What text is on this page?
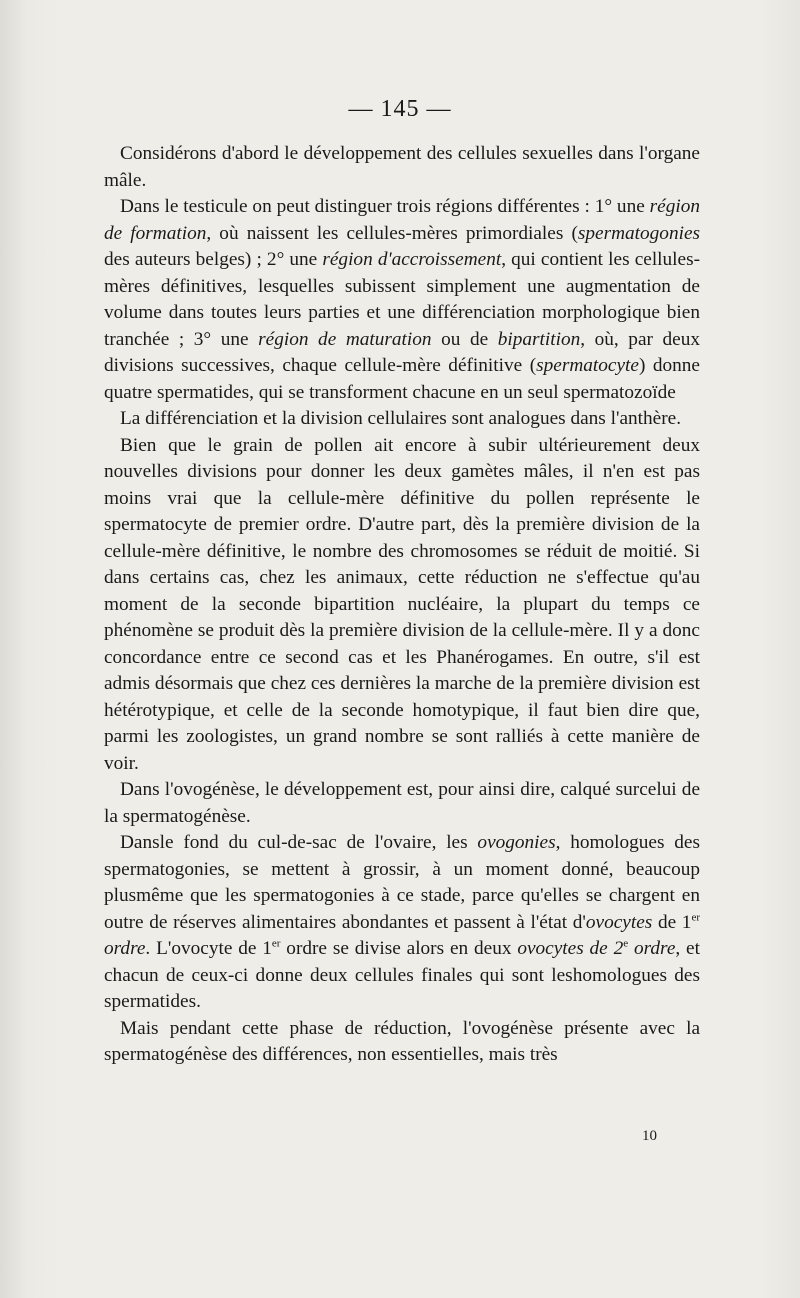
— 145 —

Considérons d'abord le développement des cellules sexuelles dans l'organe mâle.

Dans le testicule on peut distinguer trois régions différentes : 1° une région de formation, où naissent les cellules-mères primordiales (spermatogonies des auteurs belges) ; 2° une région d'accroissement, qui contient les cellules-mères définitives, lesquelles subissent simplement une augmentation de volume dans toutes leurs parties et une différenciation morphologique bien tranchée ; 3° une région de maturation ou de bipartition, où, par deux divisions successives, chaque cellule-mère définitive (spermatocyte) donne quatre spermatides, qui se transforment chacune en un seul spermatozoïde

La différenciation et la division cellulaires sont analogues dans l'anthère.

Bien que le grain de pollen ait encore à subir ultérieurement deux nouvelles divisions pour donner les deux gamètes mâles, il n'en est pas moins vrai que la cellule-mère définitive du pollen représente le spermatocyte de premier ordre. D'autre part, dès la première division de la cellule-mère définitive, le nombre des chromosomes se réduit de moitié. Si dans certains cas, chez les animaux, cette réduction ne s'effectue qu'au moment de la seconde bipartition nucléaire, la plupart du temps ce phénomène se produit dès la première division de la cellule-mère. Il y a donc concordance entre ce second cas et les Phanérogames. En outre, s'il est admis désormais que chez ces dernières la marche de la première division est hétérotypique, et celle de la seconde homotypique, il faut bien dire que, parmi les zoologistes, un grand nombre se sont ralliés à cette manière de voir.

Dans l'ovogénèse, le développement est, pour ainsi dire, calqué surcelui de la spermatogénèse.

Dansle fond du cul-de-sac de l'ovaire, les ovogonies, homologues des spermatogonies, se mettent à grossir, à un moment donné, beaucoup plusmême que les spermatogonies à ce stade, parce qu'elles se chargent en outre de réserves alimentaires abondantes et passent à l'état d'ovocytes de 1er ordre. L'ovocyte de 1er ordre se divise alors en deux ovocytes de 2e ordre, et chacun de ceux-ci donne deux cellules finales qui sont leshomologues des spermatides.

Mais pendant cette phase de réduction, l'ovogénèse présente avec la spermatogénèse des différences, non essentielles, mais très

10
